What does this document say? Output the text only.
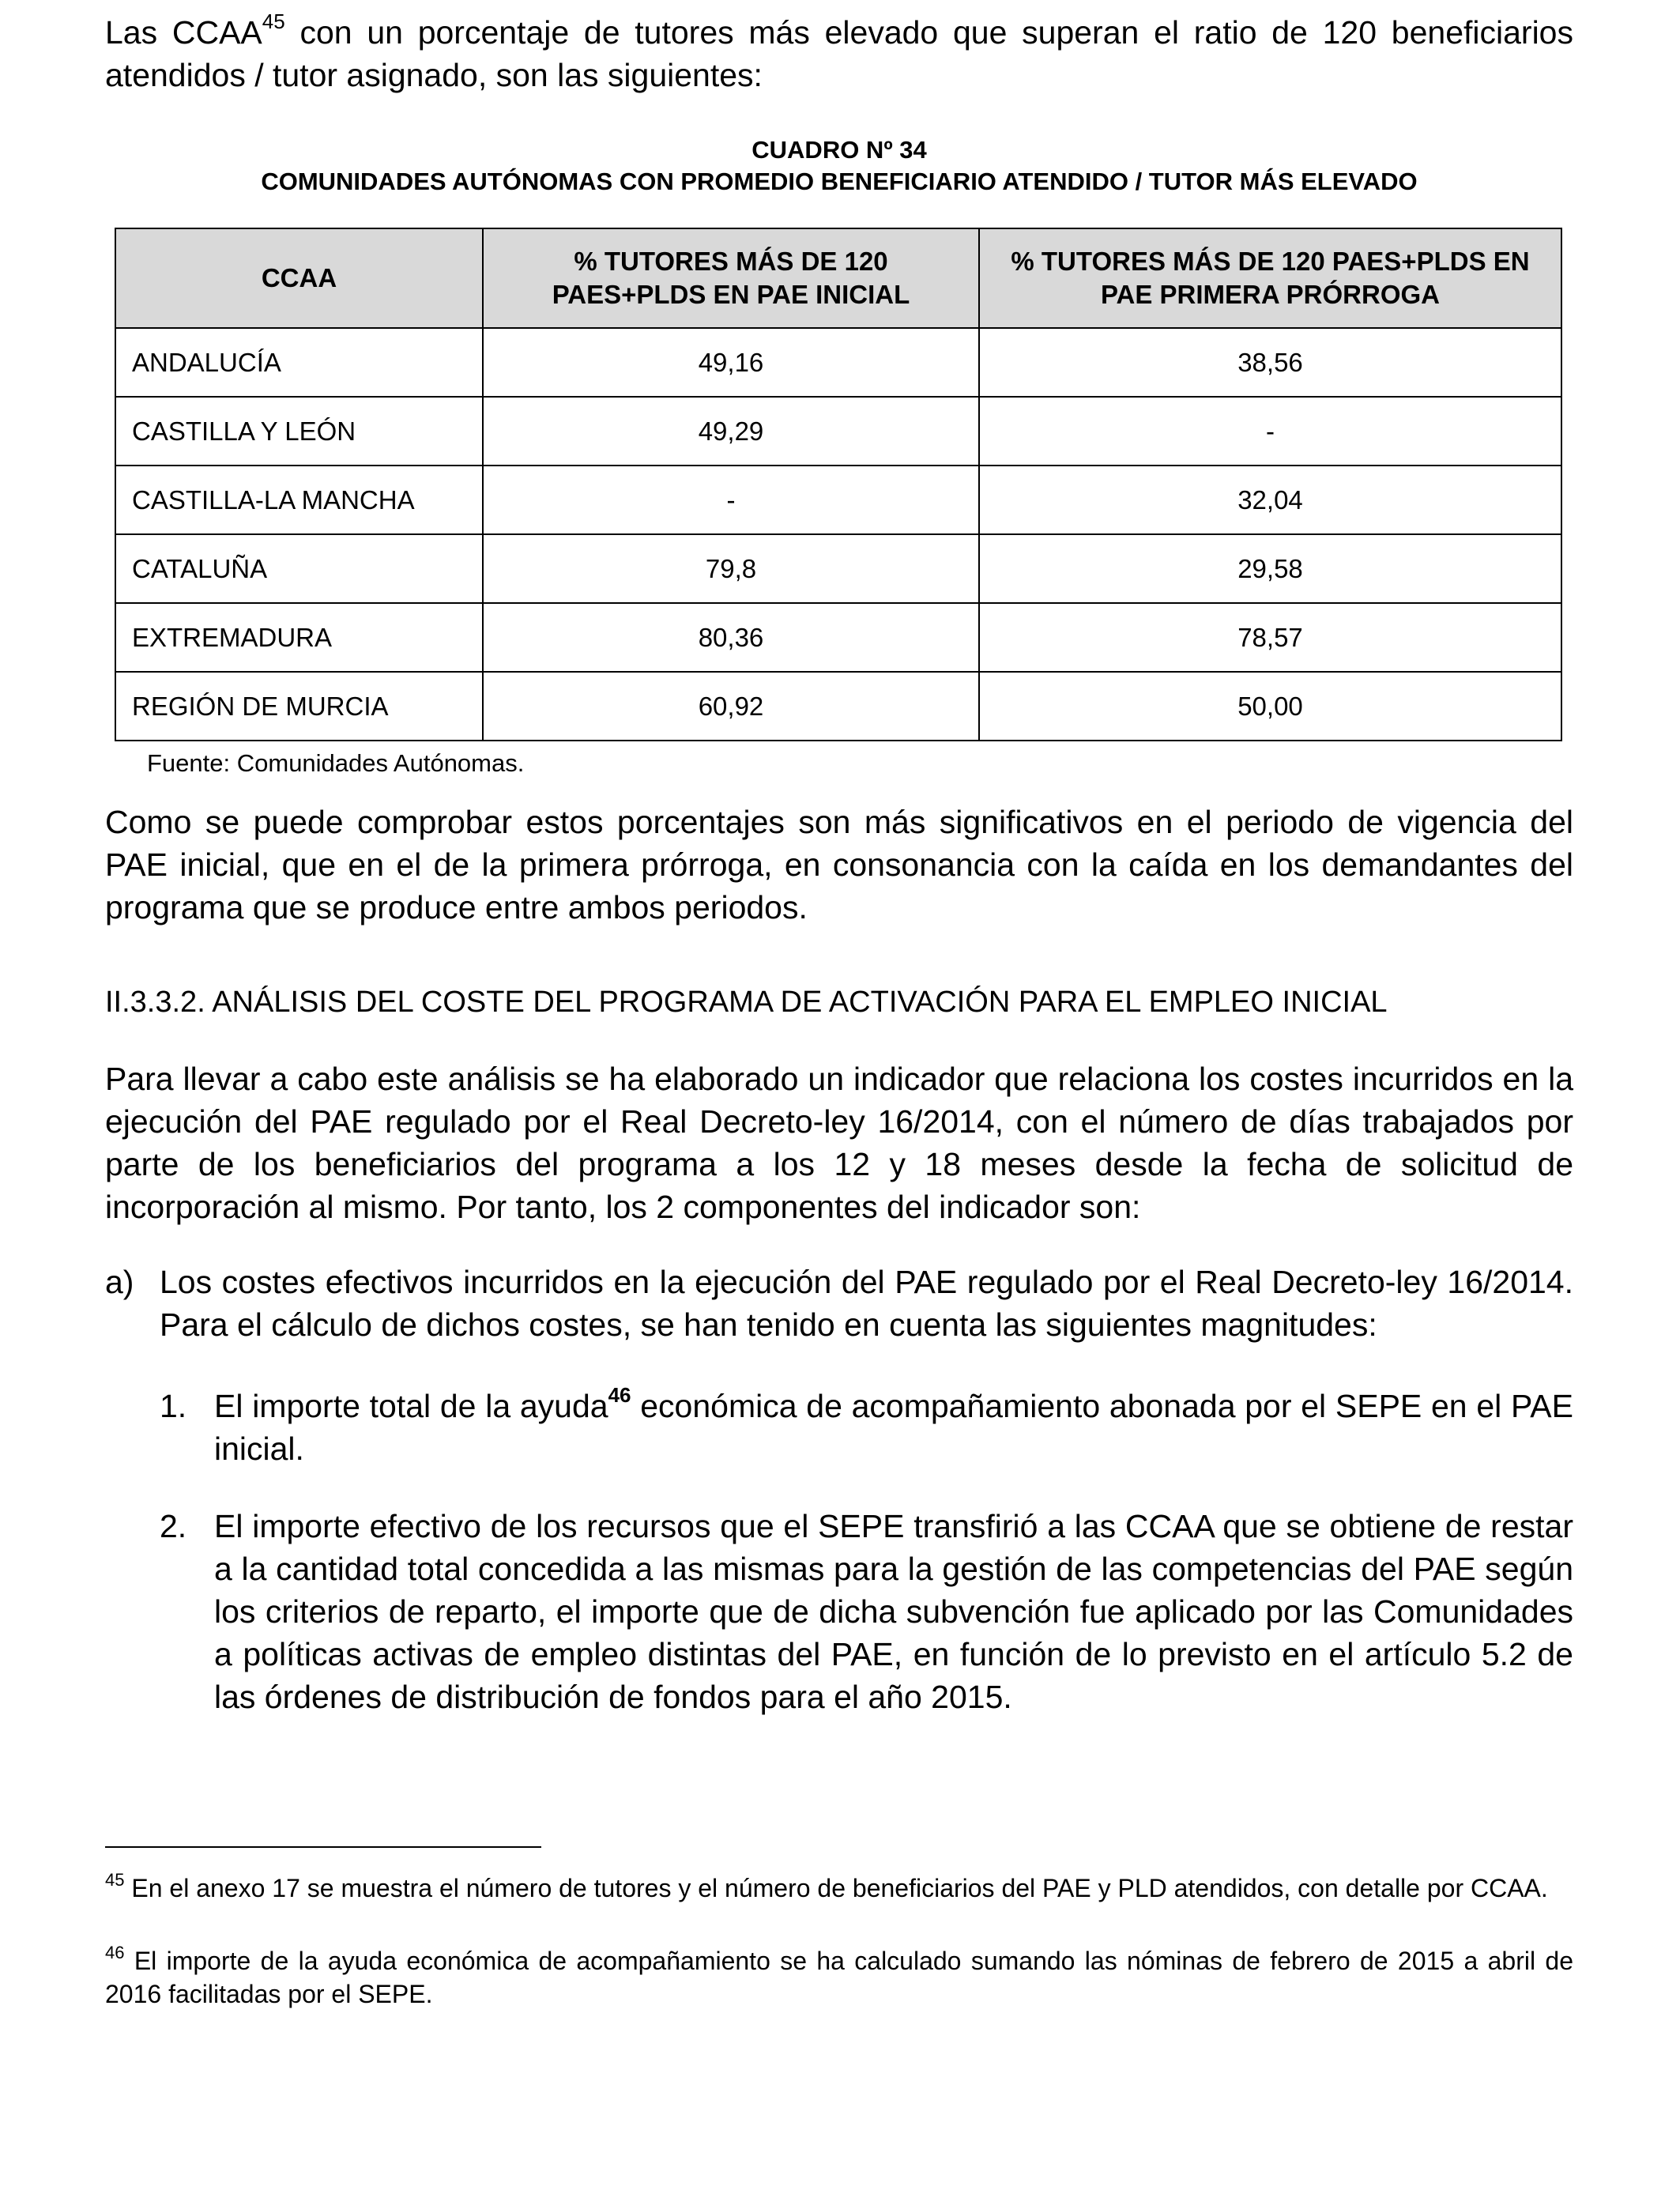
Las CCAA$^{45}$ con un porcentaje de tutores más elevado que superan el ratio de 120 beneficiarios atendidos / tutor asignado, son las siguientes:

CUADRO Nº 34

COMUNIDADES AUTÓNOMAS CON PROMEDIO BENEFICIARIO ATENDIDO / TUTOR MÁS ELEVADO

CCAA	% TUTORES MÁS DE 120 PAES+PLDS EN PAE INICIAL	% TUTORES MÁS DE 120 PAES+PLDS EN PAE PRIMERA PRÓRROGA
ANDALUCÍA	49,16	38,56
CASTILLA Y LEÓN	49,29	-
CASTILLA-LA MANCHA	-	32,04
CATALUÑA	79,8	29,58
EXTREMADURA	80,36	78,57
REGIÓN DE MURCIA	60,92	50,00

Fuente: Comunidades Autónomas.

Como se puede comprobar estos porcentajes son más significativos en el periodo de vigencia del PAE inicial, que en el de la primera prórroga, en consonancia con la caída en los demandantes del programa que se produce entre ambos periodos.

II.3.3.2. ANÁLISIS DEL COSTE DEL PROGRAMA DE ACTIVACIÓN PARA EL EMPLEO INICIAL

Para llevar a cabo este análisis se ha elaborado un indicador que relaciona los costes incurridos en la ejecución del PAE regulado por el Real Decreto-ley 16/2014, con el número de días trabajados por parte de los beneficiarios del programa a los 12 y 18 meses desde la fecha de solicitud de incorporación al mismo. Por tanto, los 2 componentes del indicador son:

a) Los costes efectivos incurridos en la ejecución del PAE regulado por el Real Decreto-ley 16/2014. Para el cálculo de dichos costes, se han tenido en cuenta las siguientes magnitudes:
1. El importe total de la ayuda$^{46}$ económica de acompañamiento abonada por el SEPE en el PAE inicial.
2. El importe efectivo de los recursos que el SEPE transfirió a las CCAA que se obtiene de restar a la cantidad total concedida a las mismas para la gestión de las competencias del PAE según los criterios de reparto, el importe que de dicha subvención fue aplicado por las Comunidades a políticas activas de empleo distintas del PAE, en función de lo previsto en el artículo 5.2 de las órdenes de distribución de fondos para el año 2015.

$^{45}$ En el anexo 17 se muestra el número de tutores y el número de beneficiarios del PAE y PLD atendidos, con detalle por CCAA.

$^{46}$ El importe de la ayuda económica de acompañamiento se ha calculado sumando las nóminas de febrero de 2015 a abril de 2016 facilitadas por el SEPE.
